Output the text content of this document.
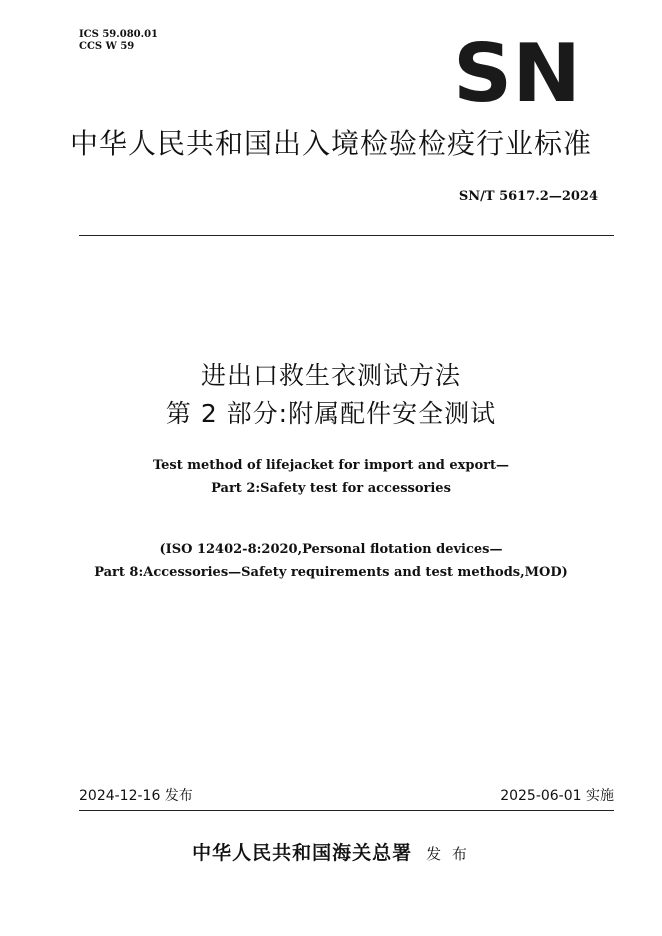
ICS 59.080.01
CCS W 59	SN
中华人民共和国出入境检验检疫行业标准
SN/T 5617.2—2024
进出口救生衣测试方法
第 2 部分:附属配件安全测试
Test method of lifejacket for import and export—
Part 2:Safety test for accessories
(ISO 12402-8:2020,Personal flotation devices—
Part 8:Accessories—Safety requirements and test methods,MOD)
2024-12-16 发布	2025-06-01 实施
中华人民共和国海关总署 发 布
